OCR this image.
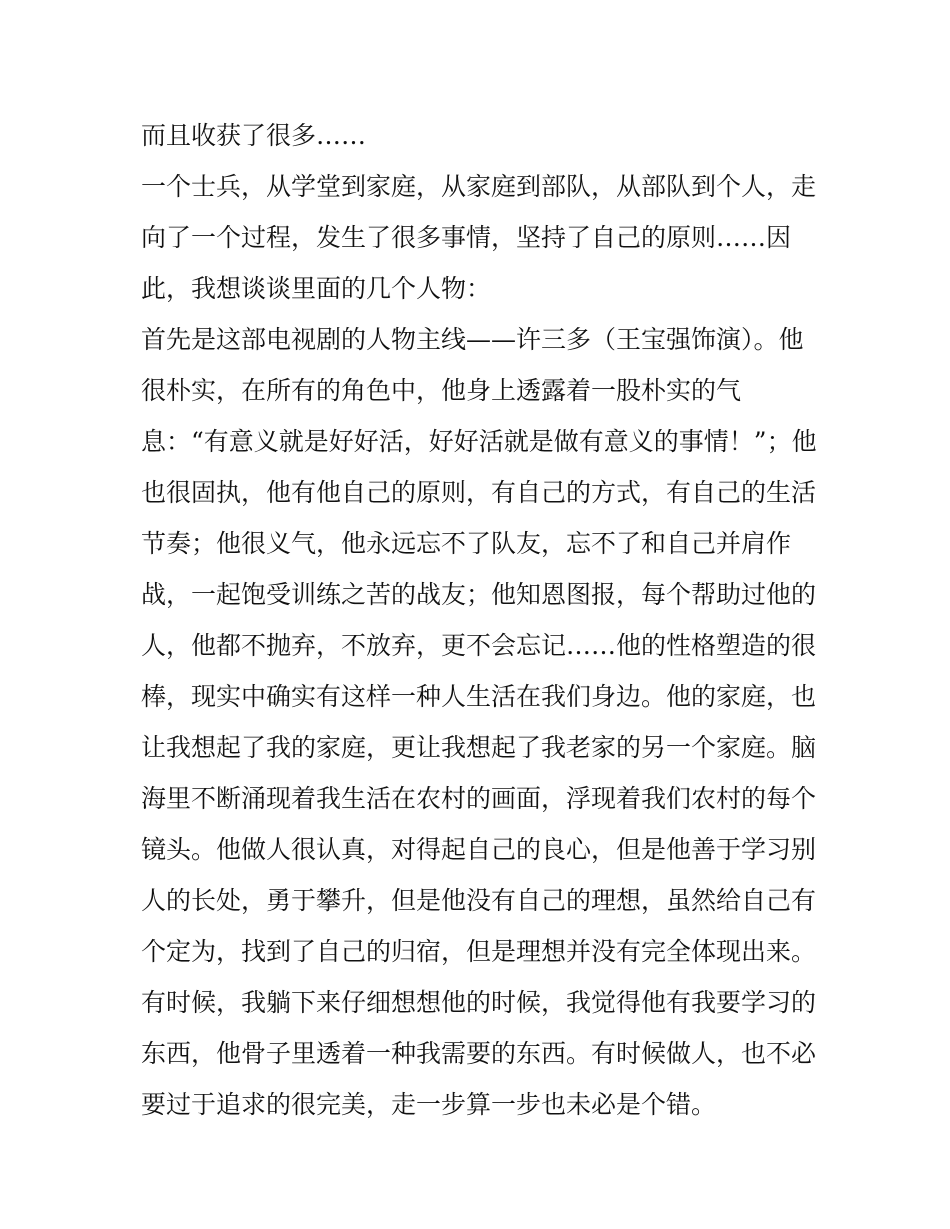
而且收获了很多……
一个士兵，从学堂到家庭，从家庭到部队，从部队到个人，走
向了一个过程，发生了很多事情，坚持了自己的原则……因
此，我想谈谈里面的几个人物：
首先是这部电视剧的人物主线——许三多（王宝强饰演）。他
很朴实，在所有的角色中，他身上透露着一股朴实的气
息：“有意义就是好好活，好好活就是做有意义的事情！”；他
也很固执，他有他自己的原则，有自己的方式，有自己的生活
节奏；他很义气，他永远忘不了队友，忘不了和自己并肩作
战，一起饱受训练之苦的战友；他知恩图报，每个帮助过他的
人，他都不抛弃，不放弃，更不会忘记……他的性格塑造的很
棒，现实中确实有这样一种人生活在我们身边。他的家庭，也
让我想起了我的家庭，更让我想起了我老家的另一个家庭。脑
海里不断涌现着我生活在农村的画面，浮现着我们农村的每个
镜头。他做人很认真，对得起自己的良心，但是他善于学习别
人的长处，勇于攀升，但是他没有自己的理想，虽然给自己有
个定为，找到了自己的归宿，但是理想并没有完全体现出来。
有时候，我躺下来仔细想想他的时候，我觉得他有我要学习的
东西，他骨子里透着一种我需要的东西。有时候做人，也不必
要过于追求的很完美，走一步算一步也未必是个错。
